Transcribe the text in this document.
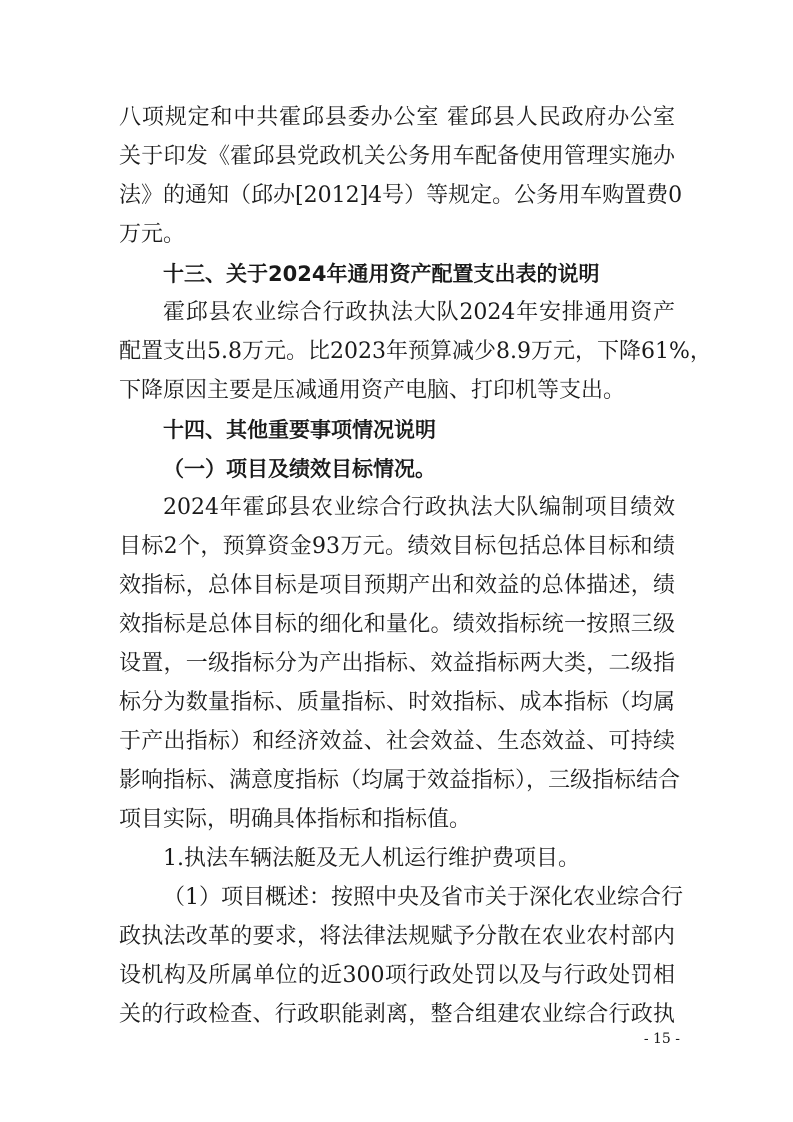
八项规定和中共霍邱县委办公室 霍邱县人民政府办公室
关于印发《霍邱县党政机关公务用车配备使用管理实施办
法》的通知（邱办[2012]4号）等规定。公务用车购置费0
万元。
十三、关于2024年通用资产配置支出表的说明
霍邱县农业综合行政执法大队2024年安排通用资产
配置支出5.8万元。比2023年预算减少8.9万元，下降61%，
下降原因主要是压减通用资产电脑、打印机等支出。
十四、其他重要事项情况说明
（一）项目及绩效目标情况。
2024年霍邱县农业综合行政执法大队编制项目绩效
目标2个，预算资金93万元。绩效目标包括总体目标和绩
效指标，总体目标是项目预期产出和效益的总体描述，绩
效指标是总体目标的细化和量化。绩效指标统一按照三级
设置，一级指标分为产出指标、效益指标两大类，二级指
标分为数量指标、质量指标、时效指标、成本指标（均属
于产出指标）和经济效益、社会效益、生态效益、可持续
影响指标、满意度指标（均属于效益指标），三级指标结合
项目实际，明确具体指标和指标值。
1.执法车辆法艇及无人机运行维护费项目。
（1）项目概述：按照中央及省市关于深化农业综合行
政执法改革的要求，将法律法规赋予分散在农业农村部内
设机构及所属单位的近300项行政处罚以及与行政处罚相
关的行政检查、行政职能剥离，整合组建农业综合行政执
- 15 -
